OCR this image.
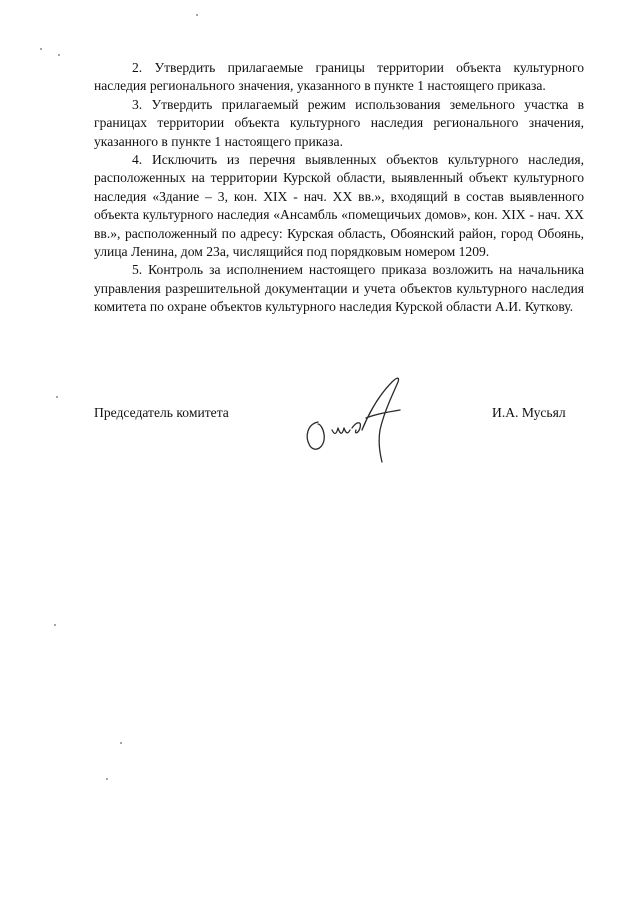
2. Утвердить прилагаемые границы территории объекта культурного наследия регионального значения, указанного в пункте 1 настоящего приказа.

3. Утвердить прилагаемый режим использования земельного участка в границах территории объекта культурного наследия регионального значения, указанного в пункте 1 настоящего приказа.

4. Исключить из перечня выявленных объектов культурного наследия, расположенных на территории Курской области, выявленный объект культурного наследия «Здание – 3, кон. XIX - нач. XX вв.», входящий в состав выявленного объекта культурного наследия «Ансамбль «помещичьих домов», кон. XIX - нач. XX вв.», расположенный по адресу: Курская область, Обоянский район, город Обоянь, улица Ленина, дом 23а, числящийся под порядковым номером 1209.

5. Контроль за исполнением настоящего приказа возложить на начальника управления разрешительной документации и учета объектов культурного наследия комитета по охране объектов культурного наследия Курской области А.И. Куткову.

Председатель комитета	И.А. Мусьял
